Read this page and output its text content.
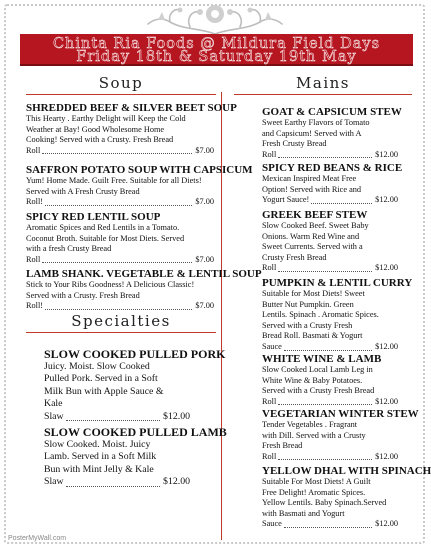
Chinta Ria Foods @ Mildura Field Days
Friday 18th & Saturday 19th May
Soup	Mains
Specialties
SHREDDED BEEF & SILVER BEET SOUP
This Hearty . Earthy Delight will Keep the Cold
Weather at Bay! Good Wholesome Home
Cooking! Served with a Crusty. Fresh Bread
Roll	$7.00
SAFFRON POTATO SOUP WITH CAPSICUM
Yum! Home Made. Guilt Free. Suitable for all Diets!
Served with A Fresh Crusty Bread
Roll!	$7.00
SPICY RED LENTIL SOUP
Aromatic Spices and Red Lentils in a Tomato.
Coconut Broth. Suitable for Most Diets. Served
with a fresh Crusty Bread
Roll	$7.00
LAMB SHANK. VEGETABLE & LENTIL SOUP
Stick to Your Ribs Goodness! A Delicious Classic!
Served with a Crusty. Fresh Bread
Roll!	$7.00
SLOW COOKED PULLED PORK
Juicy. Moist. Slow Cooked
Pulled Pork. Served in a Soft
Milk Bun with Apple Sauce &
Kale
Slaw	$12.00
SLOW COOKED PULLED LAMB
Slow Cooked. Moist. Juicy
Lamb. Served in a Soft Milk
Bun with Mint Jelly & Kale
Slaw	$12.00
GOAT & CAPSICUM STEW
Sweet Earthy Flavors of Tomato
and Capsicum! Served with A
Fresh Crusty Bread
Roll	$12.00
SPICY RED BEANS & RICE
Mexican Inspired Meat Free
Option! Served with Rice and
Yogurt Sauce!	$12.00
GREEK BEEF STEW
Slow Cooked Beef. Sweet Baby
Onions. Warm Red Wine and
Sweet Currents. Served with a
Crusty Fresh Bread
Roll	$12.00
PUMPKIN & LENTIL CURRY
Suitable for Most Diets! Sweet
Butter Nut Pumpkin. Green
Lentils. Spinach . Aromatic Spices.
Served with a Crusty Fresh
Bread Roll. Basmati & Yogurt
Sauce	$12.00
WHITE WINE & LAMB
Slow Cooked Local Lamb Leg in
White Wine & Baby Potatoes.
Served with a Crusty Fresh Bread
Roll	$12.00
VEGETARIAN WINTER STEW
Tender Vegetables . Fragrant
with Dill. Served with a Crusty
Fresh Bread
Roll	$12.00
YELLOW DHAL WITH SPINACH
Suitable For Most Diets! A Guilt
Free Delight! Aromatic Spices.
Yellow Lentils. Baby Spinach.Served
with Basmati and Yogurt
Sauce	$12.00
PosterMyWall.com
